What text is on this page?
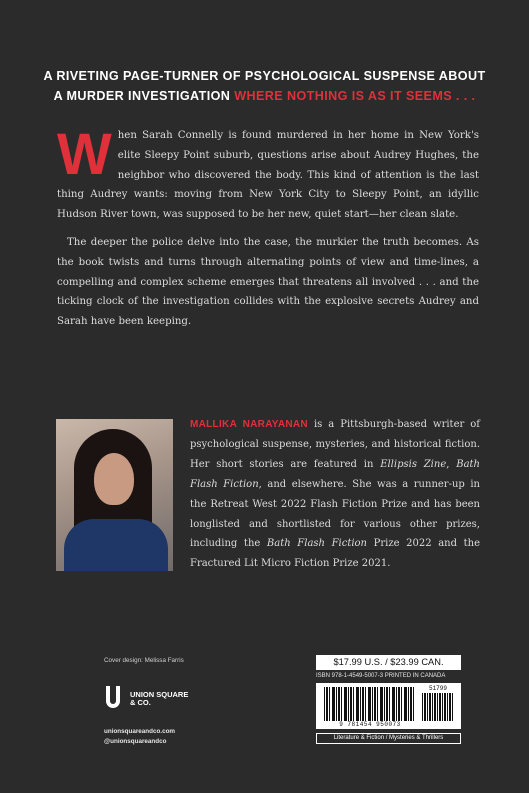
A RIVETING PAGE-TURNER OF PSYCHOLOGICAL SUSPENSE ABOUT
A MURDER INVESTIGATION WHERE NOTHING IS AS IT SEEMS . . .

When Sarah Connelly is found murdered in her home in New York's elite Sleepy Point suburb, questions arise about Audrey Hughes, the neighbor who discovered the body. This kind of attention is the last thing Audrey wants: moving from New York City to Sleepy Point, an idyllic Hudson River town, was supposed to be her new, quiet start—her clean slate.

The deeper the police delve into the case, the murkier the truth becomes. As the book twists and turns through alternating points of view and time-lines, a compelling and complex scheme emerges that threatens all involved . . . and the ticking clock of the investigation collides with the explosive secrets Audrey and Sarah have been keeping.

MALLIKA NARAYANAN is a Pittsburgh-based writer of psychological suspense, mysteries, and historical fiction. Her short stories are featured in Ellipsis Zine, Bath Flash Fiction, and elsewhere. She was a runner-up in the Retreat West 2022 Flash Fiction Prize and has been longlisted and shortlisted for various other prizes, including the Bath Flash Fiction Prize 2022 and the Fractured Lit Micro Fiction Prize 2021.
Cover design: Melissa Farris
UNION SQUARE
& CO.
unionsquareandco.com
@unionsquareandco
$17.99 U.S. / $23.99 CAN.
ISBN 978-1-4549-5007-3 PRINTED IN CANADA
9 781454 950073
51799
Literature & Fiction / Mysteries & Thrillers
